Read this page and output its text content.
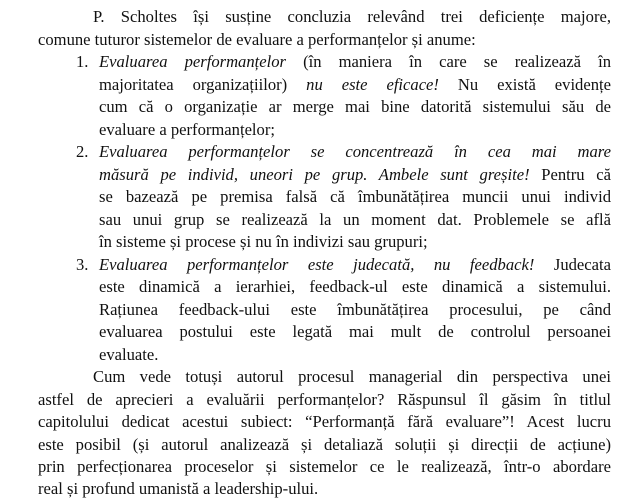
P. Scholtes își susține concluzia relevând trei deficiențe majore,
comune tuturor sistemelor de evaluare a performanțelor și anume:
1. Evaluarea performanțelor (în maniera în care se realizează în
majoritatea organizațiilor) nu este eficace! Nu există evidențe
cum că o organizație ar merge mai bine datorită sistemului său de
evaluare a performanțelor;
2. Evaluarea performanțelor se concentrează în cea mai mare
măsură pe individ, uneori pe grup. Ambele sunt greșite! Pentru că
se bazează pe premisa falsă că îmbunătățirea muncii unui individ
sau unui grup se realizează la un moment dat. Problemele se află
în sisteme și procese și nu în indivizi sau grupuri;
3. Evaluarea performanțelor este judecată, nu feedback! Judecata
este dinamică a ierarhiei, feedback-ul este dinamică a sistemului.
Rațiunea feedback-ului este îmbunătățirea procesului, pe când
evaluarea postului este legată mai mult de controlul persoanei
evaluate.
Cum vede totuși autorul procesul managerial din perspectiva unei
astfel de aprecieri a evaluării performanțelor? Răspunsul îl găsim în titlul
capitolului dedicat acestui subiect: “Performanță fără evaluare”! Acest lucru
este posibil (și autorul analizează și detaliază soluții și direcții de acțiune)
prin perfecționarea proceselor și sistemelor ce le realizează, într-o abordare
real și profund umanistă a leadership-ului.
